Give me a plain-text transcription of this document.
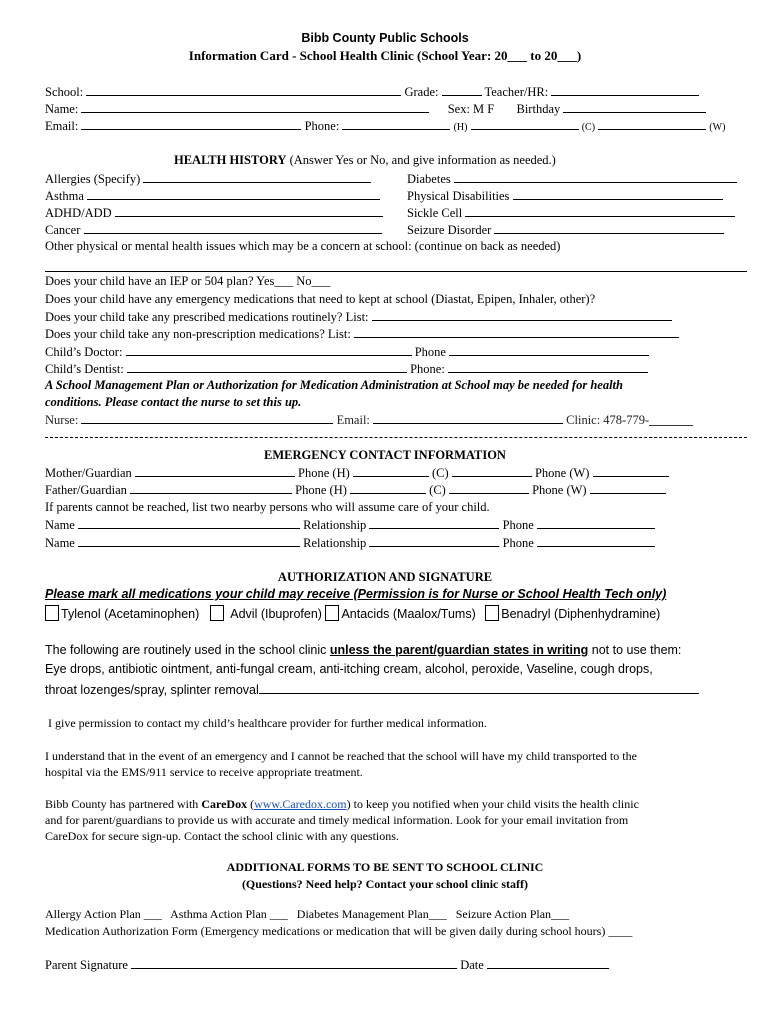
Bibb County Public Schools
Information Card - School Health Clinic (School Year: 20___ to 20___)
School:	Grade:	Teacher/HR:
Name:	Sex: M F Birthday
Email:	Phone:	(H)	(C)	(W)
HEALTH HISTORY (Answer Yes or No, and give information as needed.)
Allergies (Specify)	Diabetes
Asthma	Physical Disabilities
ADHD/ADD	Sickle Cell
Cancer	Seizure Disorder
Other physical or mental health issues which may be a concern at school: (continue on back as needed)
Does your child have an IEP or 504 plan? Yes___ No___
Does your child have any emergency medications that need to kept at school (Diastat, Epipen, Inhaler, other)?
Does your child take any prescribed medications routinely? List:
Does your child take any non-prescription medications? List:
Child’s Doctor:	Phone
Child’s Dentist:	Phone:
A School Management Plan or Authorization for Medication Administration at School may be needed for health
conditions. Please contact the nurse to set this up.
Nurse:	Email:	Clinic: 478-779-_______
EMERGENCY CONTACT INFORMATION
Mother/Guardian	Phone (H)	(C)	Phone (W)
Father/Guardian	Phone (H)	(C)	Phone (W)
If parents cannot be reached, list two nearby persons who will assume care of your child.
Name	Relationship	Phone
Name	Relationship	Phone
AUTHORIZATION AND SIGNATURE
Please mark all medications your child may receive (Permission is for Nurse or School Health Tech only)
Tylenol (Acetaminophen) Advil (Ibuprofen) Antacids (Maalox/Tums) Benadryl (Diphenhydramine)
The following are routinely used in the school clinic unless the parent/guardian states in writing not to use them:
Eye drops, antibiotic ointment, anti-fungal cream, anti-itching cream, alcohol, peroxide, Vaseline, cough drops,
throat lozenges/spray, splinter removal
I give permission to contact my child’s healthcare provider for further medical information.
I understand that in the event of an emergency and I cannot be reached that the school will have my child transported to the
hospital via the EMS/911 service to receive appropriate treatment.
Bibb County has partnered with CareDox (www.Caredox.com) to keep you notified when your child visits the health clinic
and for parent/guardians to provide us with accurate and timely medical information. Look for your email invitation from
CareDox for secure sign-up. Contact the school clinic with any questions.
ADDITIONAL FORMS TO BE SENT TO SCHOOL CLINIC
(Questions? Need help? Contact your school clinic staff)
Allergy Action Plan ___   Asthma Action Plan ___   Diabetes Management Plan___   Seizure Action Plan___
Medication Authorization Form (Emergency medications or medication that will be given daily during school hours) ____
Parent Signature	Date
